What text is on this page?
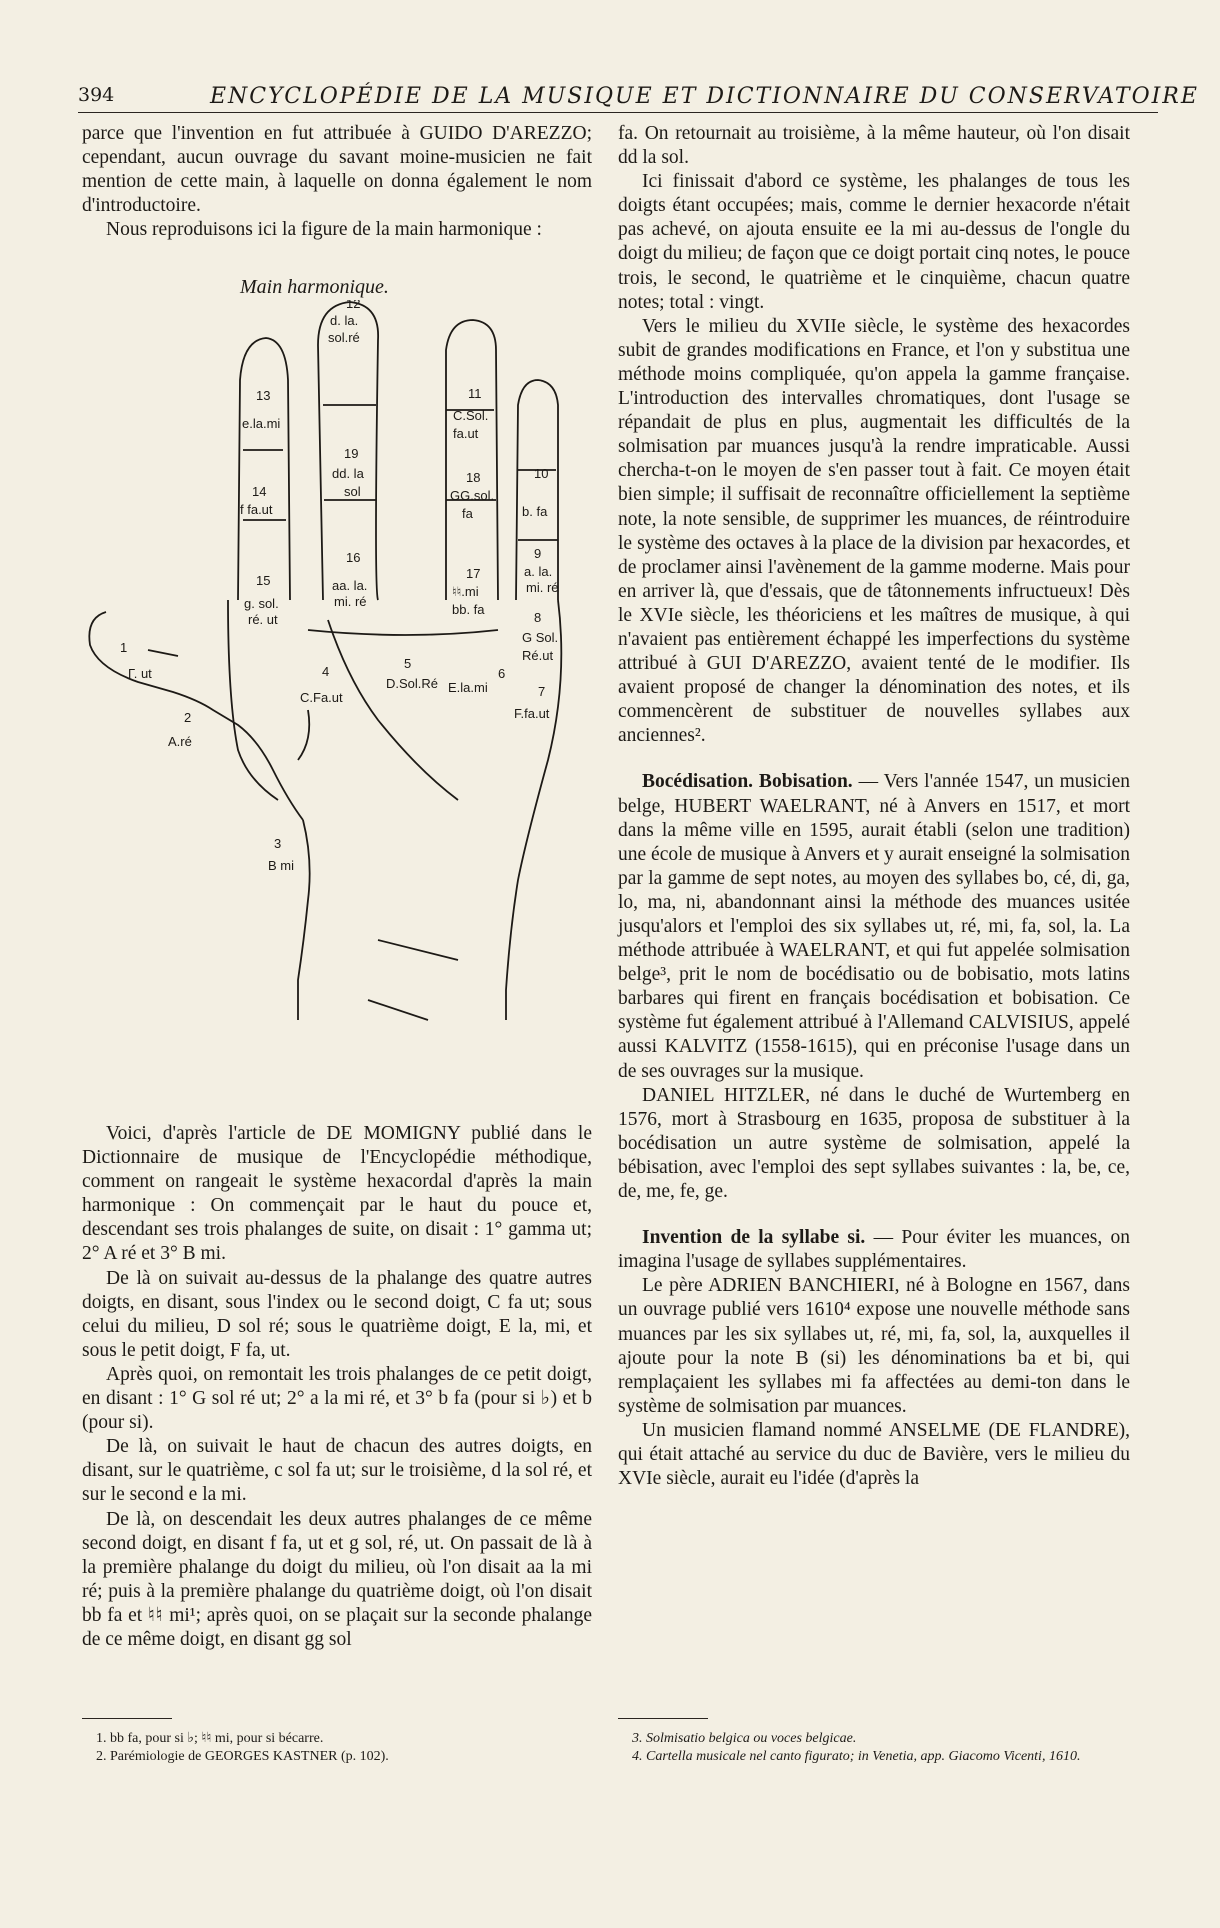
394	ENCYCLOPÉDIE DE LA MUSIQUE ET DICTIONNAIRE DU CONSERVATOIRE

parce que l'invention en fut attribuée à GUIDO D'AREZZO; cependant, aucun ouvrage du savant moine-musicien ne fait mention de cette main, à laquelle on donna également le nom d'introductoire.

Nous reproduisons ici la figure de la main harmonique :

Main harmonique.
12
d. la.
sol.ré
13
e.la.mi
11
C.Sol.
fa.ut
19
dd. la
sol
14
f fa.ut
18
GG.sol.
fa
10
b. fa
16
aa. la.
mi. ré
17
♮♮.mi
bb. fa
9
a. la.
mi. ré
15
g. sol.
ré. ut	8
G Sol.
Ré.ut
1
Γ. ut
5
D.Sol.Ré
6
E.la.mi
4
C.Fa.ut	7
F.fa.ut
2
A.ré
3
B mi

Voici, d'après l'article de DE MOMIGNY publié dans le Dictionnaire de musique de l'Encyclopédie méthodique, comment on rangeait le système hexacordal d'après la main harmonique : On commençait par le haut du pouce et, descendant ses trois phalanges de suite, on disait : 1° gamma ut; 2° A ré et 3° B mi.

De là on suivait au-dessus de la phalange des quatre autres doigts, en disant, sous l'index ou le second doigt, C fa ut; sous celui du milieu, D sol ré; sous le quatrième doigt, E la, mi, et sous le petit doigt, F fa, ut.

Après quoi, on remontait les trois phalanges de ce petit doigt, en disant : 1° G sol ré ut; 2° a la mi ré, et 3° b fa (pour si ♭) et b (pour si).

De là, on suivait le haut de chacun des autres doigts, en disant, sur le quatrième, c sol fa ut; sur le troisième, d la sol ré, et sur le second e la mi.

De là, on descendait les deux autres phalanges de ce même second doigt, en disant f fa, ut et g sol, ré, ut. On passait de là à la première phalange du doigt du milieu, où l'on disait aa la mi ré; puis à la première phalange du quatrième doigt, où l'on disait bb fa et ♮♮ mi¹; après quoi, on se plaçait sur la seconde phalange de ce même doigt, en disant gg sol

1. bb fa, pour si ♭; ♮♮ mi, pour si bécarre.

2. Parémiologie de GEORGES KASTNER (p. 102).

fa. On retournait au troisième, à la même hauteur, où l'on disait dd la sol.

Ici finissait d'abord ce système, les phalanges de tous les doigts étant occupées; mais, comme le dernier hexacorde n'était pas achevé, on ajouta ensuite ee la mi au-dessus de l'ongle du doigt du milieu; de façon que ce doigt portait cinq notes, le pouce trois, le second, le quatrième et le cinquième, chacun quatre notes; total : vingt.

Vers le milieu du XVIIe siècle, le système des hexacordes subit de grandes modifications en France, et l'on y substitua une méthode moins compliquée, qu'on appela la gamme française. L'introduction des intervalles chromatiques, dont l'usage se répandait de plus en plus, augmentait les difficultés de la solmisation par muances jusqu'à la rendre impraticable. Aussi chercha-t-on le moyen de s'en passer tout à fait. Ce moyen était bien simple; il suffisait de reconnaître officiellement la septième note, la note sensible, de supprimer les muances, de réintroduire le système des octaves à la place de la division par hexacordes, et de proclamer ainsi l'avènement de la gamme moderne. Mais pour en arriver là, que d'essais, que de tâtonnements infructueux! Dès le XVIe siècle, les théoriciens et les maîtres de musique, à qui n'avaient pas entièrement échappé les imperfections du système attribué à GUI D'AREZZO, avaient tenté de le modifier. Ils avaient proposé de changer la dénomination des notes, et ils commencèrent de substituer de nouvelles syllabes aux anciennes².

Bocédisation. Bobisation. — Vers l'année 1547, un musicien belge, HUBERT WAELRANT, né à Anvers en 1517, et mort dans la même ville en 1595, aurait établi (selon une tradition) une école de musique à Anvers et y aurait enseigné la solmisation par la gamme de sept notes, au moyen des syllabes bo, cé, di, ga, lo, ma, ni, abandonnant ainsi la méthode des muances usitée jusqu'alors et l'emploi des six syllabes ut, ré, mi, fa, sol, la. La méthode attribuée à WAELRANT, et qui fut appelée solmisation belge³, prit le nom de bocédisatio ou de bobisatio, mots latins barbares qui firent en français bocédisation et bobisation. Ce système fut également attribué à l'Allemand CALVISIUS, appelé aussi KALVITZ (1558-1615), qui en préconise l'usage dans un de ses ouvrages sur la musique.

DANIEL HITZLER, né dans le duché de Wurtemberg en 1576, mort à Strasbourg en 1635, proposa de substituer à la bocédisation un autre système de solmisation, appelé la bébisation, avec l'emploi des sept syllabes suivantes : la, be, ce, de, me, fe, ge.

Invention de la syllabe si. — Pour éviter les muances, on imagina l'usage de syllabes supplémentaires.

Le père ADRIEN BANCHIERI, né à Bologne en 1567, dans un ouvrage publié vers 1610⁴ expose une nouvelle méthode sans muances par les six syllabes ut, ré, mi, fa, sol, la, auxquelles il ajoute pour la note B (si) les dénominations ba et bi, qui remplaçaient les syllabes mi fa affectées au demi-ton dans le système de solmisation par muances.

Un musicien flamand nommé ANSELME (DE FLANDRE), qui était attaché au service du duc de Bavière, vers le milieu du XVIe siècle, aurait eu l'idée (d'après la

3. Solmisatio belgica ou voces belgicae.

4. Cartella musicale nel canto figurato; in Venetia, app. Giacomo Vicenti, 1610.
